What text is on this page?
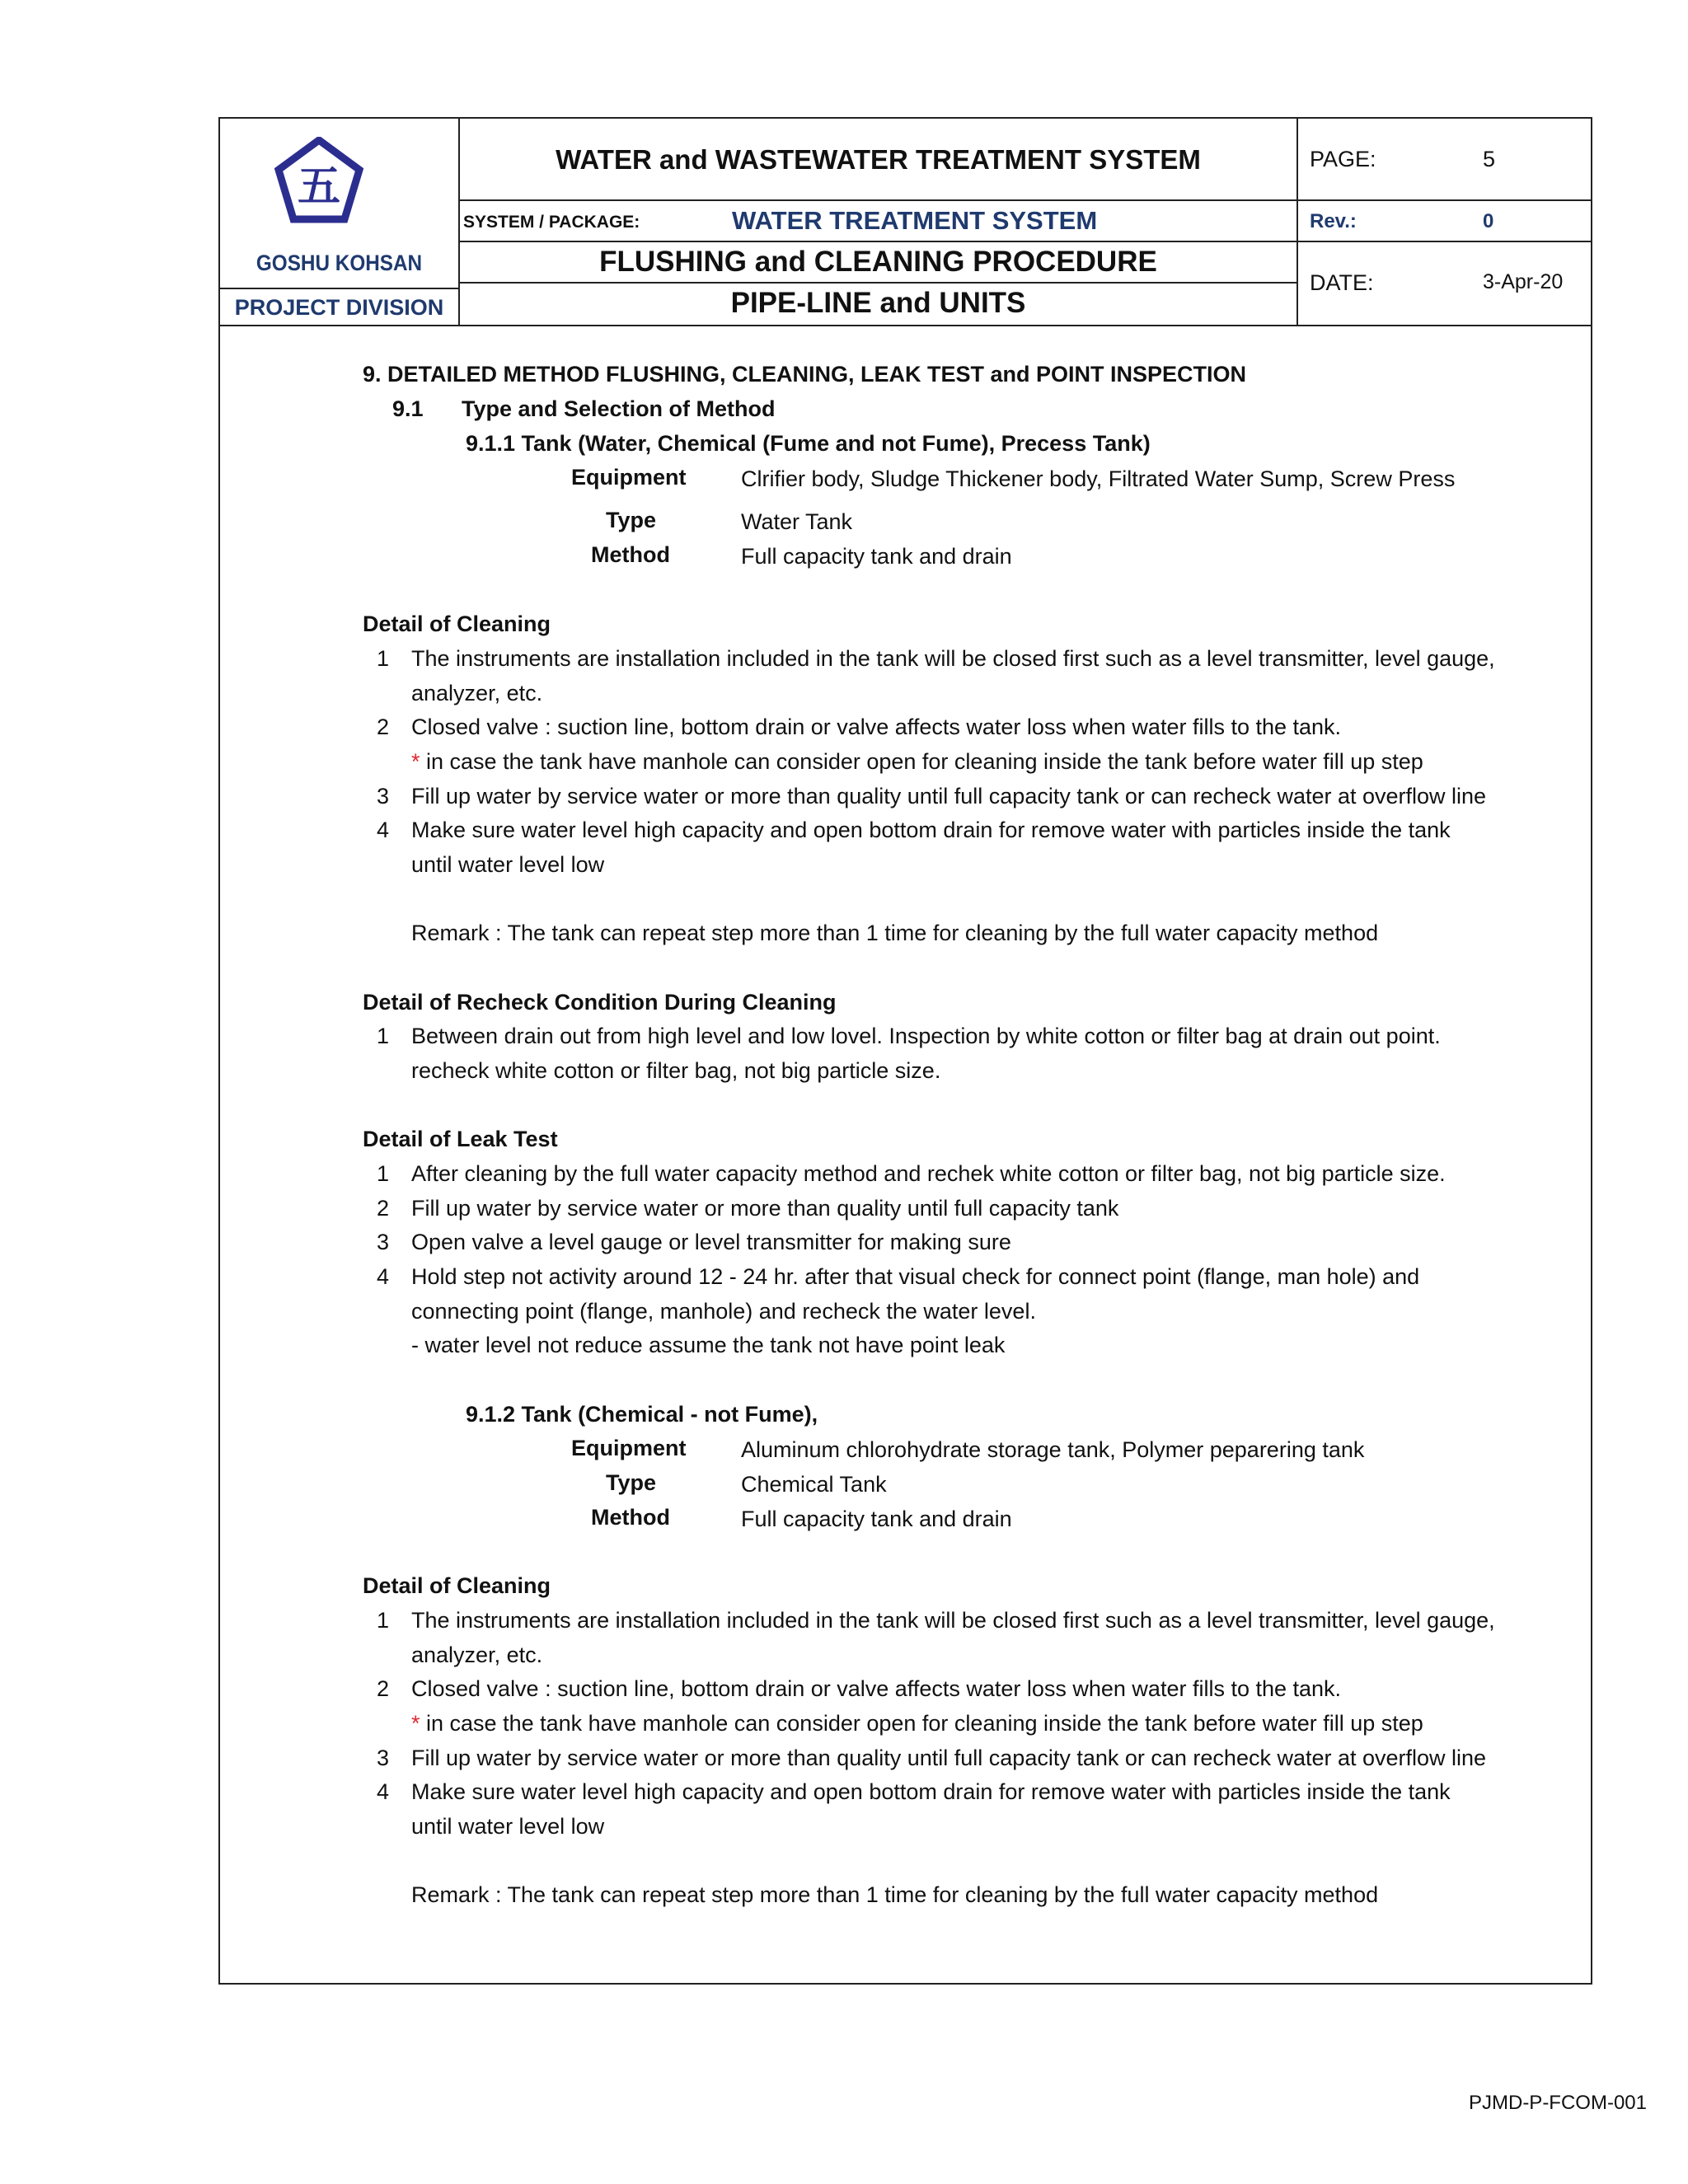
五
GOSHU KOHSAN
PROJECT DIVISION
WATER and WASTEWATER TREATMENT SYSTEM
SYSTEM / PACKAGE:	WATER TREATMENT SYSTEM
FLUSHING and CLEANING PROCEDURE
PIPE-LINE and UNITS
PAGE:	5
Rev.:	0
DATE:	3-Apr-20
9. DETAILED METHOD FLUSHING, CLEANING, LEAK TEST and POINT INSPECTION
9.1 Type and Selection of Method
9.1.1 Tank (Water, Chemical (Fume and not Fume), Precess Tank)
Equipment Clrifier body, Sludge Thickener body, Filtrated Water Sump, Screw Press
Type	Water Tank
Method	Full capacity tank and drain
Detail of Cleaning
1 The instruments are installation included in the tank will be closed first such as a level transmitter, level gauge,
analyzer, etc.
2 Closed valve : suction line, bottom drain or valve affects water loss when water fills to the tank.
* in case the tank have manhole can consider open for cleaning inside the tank before water fill up step
3 Fill up water by service water or more than quality until full capacity tank or can recheck water at overflow line
4 Make sure water level high capacity and open bottom drain for remove water with particles inside the tank
until water level low
Remark : The tank can repeat step more than 1 time for cleaning by the full water capacity method
Detail of Recheck Condition During Cleaning
1 Between drain out from high level and low lovel. Inspection by white cotton or filter bag at drain out point.
recheck white cotton or filter bag, not big particle size.
Detail of Leak Test
1 After cleaning by the full water capacity method and rechek white cotton or filter bag, not big particle size.
2 Fill up water by service water or more than quality until full capacity tank
3 Open valve a level gauge or level transmitter for making sure
4 Hold step not activity around 12 - 24 hr. after that visual check for connect point (flange, man hole) and
connecting point (flange, manhole) and recheck the water level.
- water level not reduce assume the tank not have point leak
9.1.2 Tank (Chemical - not Fume),
Equipment Aluminum chlorohydrate storage tank, Polymer peparering tank
Type	Chemical Tank
Method	Full capacity tank and drain
Detail of Cleaning
1 The instruments are installation included in the tank will be closed first such as a level transmitter, level gauge,
analyzer, etc.
2 Closed valve : suction line, bottom drain or valve affects water loss when water fills to the tank.
* in case the tank have manhole can consider open for cleaning inside the tank before water fill up step
3 Fill up water by service water or more than quality until full capacity tank or can recheck water at overflow line
4 Make sure water level high capacity and open bottom drain for remove water with particles inside the tank
until water level low
Remark : The tank can repeat step more than 1 time for cleaning by the full water capacity method
PJMD-P-FCOM-001
